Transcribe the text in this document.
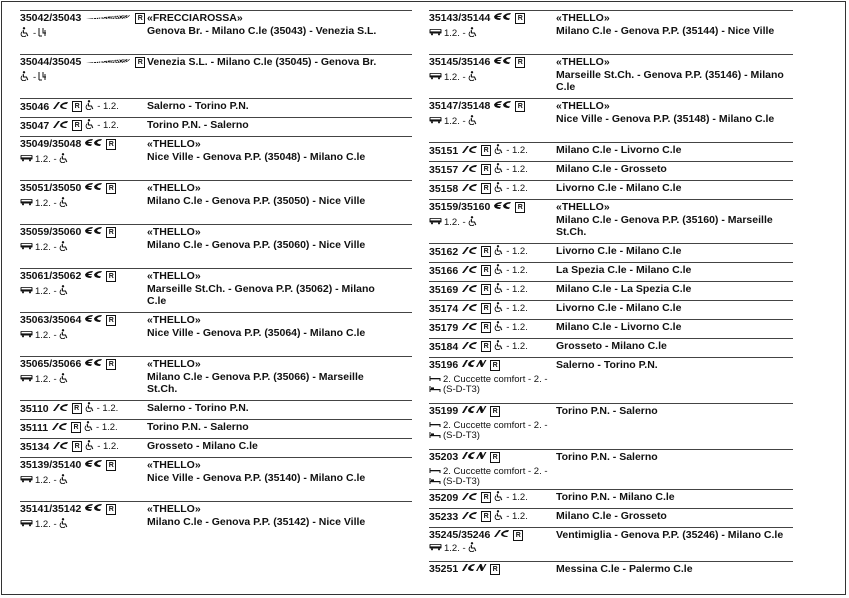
35042/35043 FRECCIAROSSA R
-
«FRECCIAROSSA»
Genova Br. - Milano C.le (35043) - Venezia S.L.
35044/35045 FRECCIAROSSA R
-
Venezia S.L. - Milano C.le (35045) - Genova Br.
35046	R - 1.2.	Salerno - Torino P.N.
35047	R - 1.2.	Torino P.N. - Salerno
35049/35048	R
1.2. -
«THELLO»
Nice Ville - Genova P.P. (35048) - Milano C.le
35051/35050	R
1.2. -
«THELLO»
Milano C.le - Genova P.P. (35050) - Nice Ville
35059/35060	R
1.2. -
«THELLO»
Milano C.le - Genova P.P. (35060) - Nice Ville
35061/35062	R
1.2. -
«THELLO»
Marseille St.Ch. - Genova P.P. (35062) - Milano C.le
35063/35064	R
1.2. -
«THELLO»
Nice Ville - Genova P.P. (35064) - Milano C.le
35065/35066	R
1.2. -
«THELLO»
Milano C.le - Genova P.P. (35066) - Marseille St.Ch.
35110	R - 1.2.	Salerno - Torino P.N.
35111	R - 1.2.	Torino P.N. - Salerno
35134	R - 1.2.	Grosseto - Milano C.le
35139/35140	R
1.2. -
«THELLO»
Nice Ville - Genova P.P. (35140) - Milano C.le
35141/35142	R
1.2. -
«THELLO»
Milano C.le - Genova P.P. (35142) - Nice Ville
35143/35144	R
1.2. -
«THELLO»
Milano C.le - Genova P.P. (35144) - Nice Ville
35145/35146	R
1.2. -
«THELLO»
Marseille St.Ch. - Genova P.P. (35146) - Milano C.le
35147/35148	R
1.2. -
«THELLO»
Nice Ville - Genova P.P. (35148) - Milano C.le
35151	R - 1.2.	Milano C.le - Livorno C.le
35157	R - 1.2.	Milano C.le - Grosseto
35158	R - 1.2.	Livorno C.le - Milano C.le
35159/35160	R
1.2. -
«THELLO»
Milano C.le - Genova P.P. (35160) - Marseille St.Ch.
35162	R - 1.2.	Livorno C.le - Milano C.le
35166	R - 1.2.	La Spezia C.le - Milano C.le
35169	R - 1.2.	Milano C.le - La Spezia C.le
35174	R - 1.2.	Livorno C.le - Milano C.le
35179	R - 1.2.	Milano C.le - Livorno C.le
35184	R - 1.2.	Grosseto - Milano C.le
35196	R
2. Cuccette comfort - 2. -
(S-D-T3)
Salerno - Torino P.N.
35199	R
2. Cuccette comfort - 2. -
(S-D-T3)
Torino P.N. - Salerno
35203	R
2. Cuccette comfort - 2. -
(S-D-T3)
Torino P.N. - Salerno
35209	R - 1.2.	Torino P.N. - Milano C.le
35233	R - 1.2.	Milano C.le - Grosseto
35245/35246	R
1.2. -
Ventimiglia - Genova P.P. (35246) - Milano C.le
35251	R	Messina C.le - Palermo C.le
